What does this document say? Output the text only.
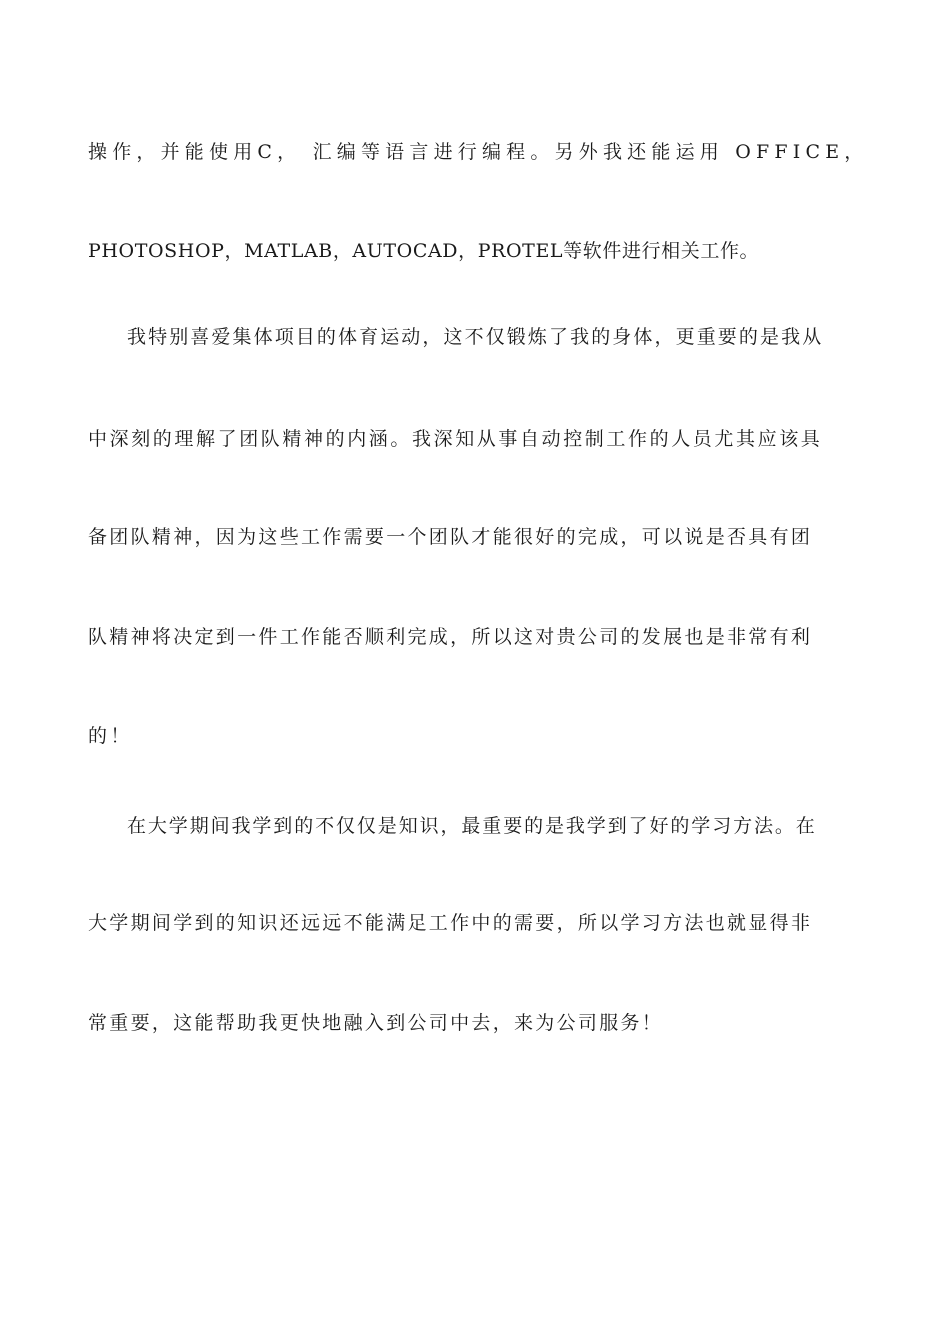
操作，并能使用C， 汇编等语言进行编程。另外我还能运用 OFFICE，
PHOTOSHOP，MATLAB，AUTOCAD，PROTEL等软件进行相关工作。
我特别喜爱集体项目的体育运动，这不仅锻炼了我的身体，更重要的是我从
中深刻的理解了团队精神的内涵。我深知从事自动控制工作的人员尤其应该具
备团队精神，因为这些工作需要一个团队才能很好的完成，可以说是否具有团
队精神将决定到一件工作能否顺利完成，所以这对贵公司的发展也是非常有利
的！
在大学期间我学到的不仅仅是知识，最重要的是我学到了好的学习方法。在
大学期间学到的知识还远远不能满足工作中的需要，所以学习方法也就显得非
常重要，这能帮助我更快地融入到公司中去，来为公司服务！
